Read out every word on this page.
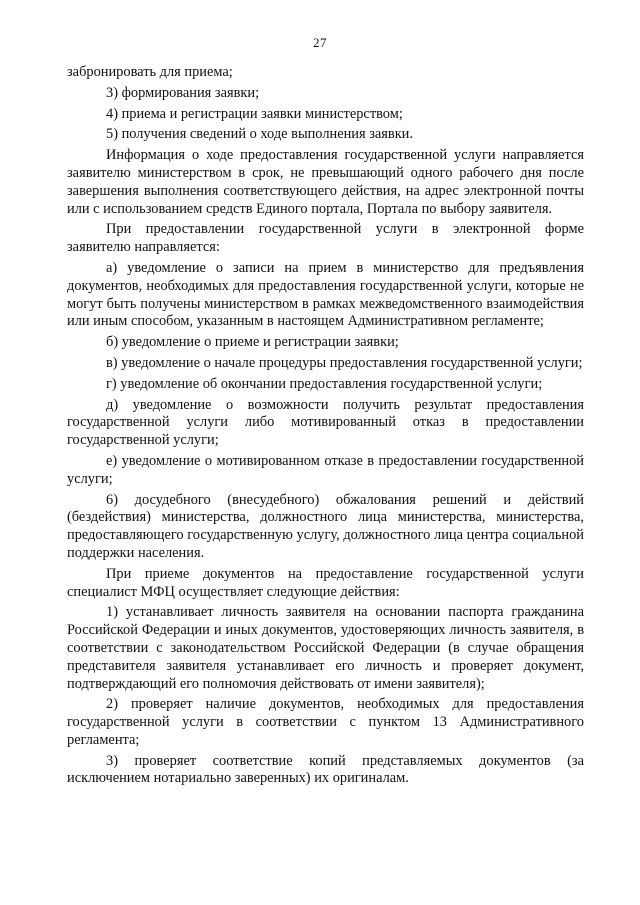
27

забронировать для приема;

3) формирования заявки;

4) приема и регистрации заявки министерством;

5) получения сведений о ходе выполнения заявки.

Информация о ходе предоставления государственной услуги направляется заявителю министерством в срок, не превышающий одного рабочего дня после завершения выполнения соответствующего действия, на адрес электронной почты или с использованием средств Единого портала, Портала по выбору заявителя.

При предоставлении государственной услуги в электронной форме заявителю направляется:

а) уведомление о записи на прием в министерство для предъявления документов, необходимых для предоставления государственной услуги, которые не могут быть получены министерством в рамках межведомственного взаимодействия или иным способом, указанным в настоящем Административном регламенте;

б) уведомление о приеме и регистрации заявки;

в) уведомление о начале процедуры предоставления государственной услуги;

г) уведомление об окончании предоставления государственной услуги;

д) уведомление о возможности получить результат предоставления государственной услуги либо мотивированный отказ в предоставлении государственной услуги;

е) уведомление о мотивированном отказе в предоставлении государственной услуги;

6) досудебного (внесудебного) обжалования решений и действий (бездействия) министерства, должностного лица министерства, министерства, предоставляющего государственную услугу, должностного лица центра социальной поддержки населения.

При приеме документов на предоставление государственной услуги специалист МФЦ осуществляет следующие действия:

1) устанавливает личность заявителя на основании паспорта гражданина Российской Федерации и иных документов, удостоверяющих личность заявителя, в соответствии с законодательством Российской Федерации (в случае обращения представителя заявителя устанавливает его личность и проверяет документ, подтверждающий его полномочия действовать от имени заявителя);

2) проверяет наличие документов, необходимых для предоставления государственной услуги в соответствии с пунктом 13 Административного регламента;

3) проверяет соответствие копий представляемых документов (за исключением нотариально заверенных) их оригиналам.
